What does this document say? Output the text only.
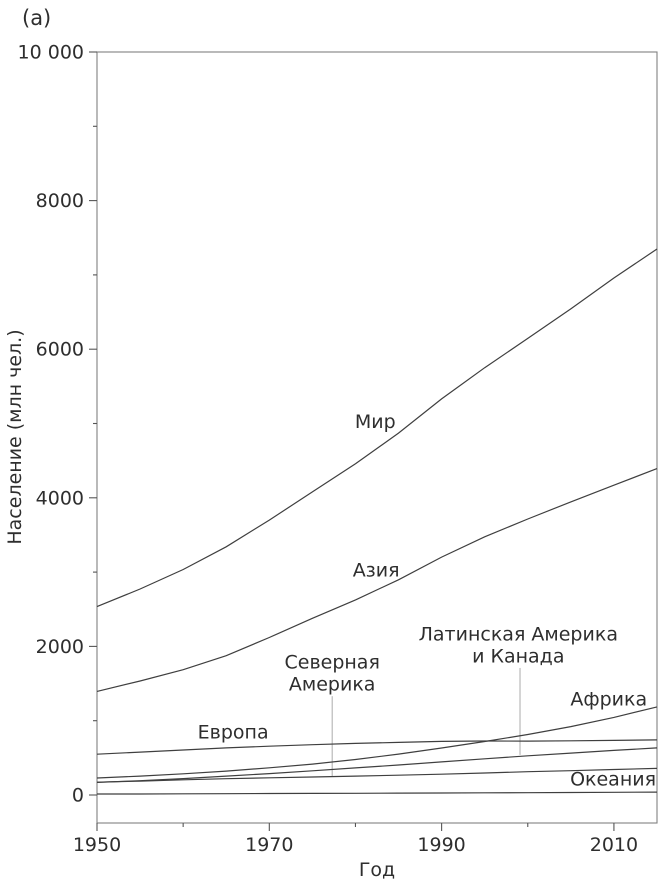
(a)
Год
Население (млн чел.)
0
2000
4000
6000
8000
10 000
1950	1970	1990	2010
Мир
Азия
Африка
Европа
Латинская Америка и Канада
Северная Америка
Океания
